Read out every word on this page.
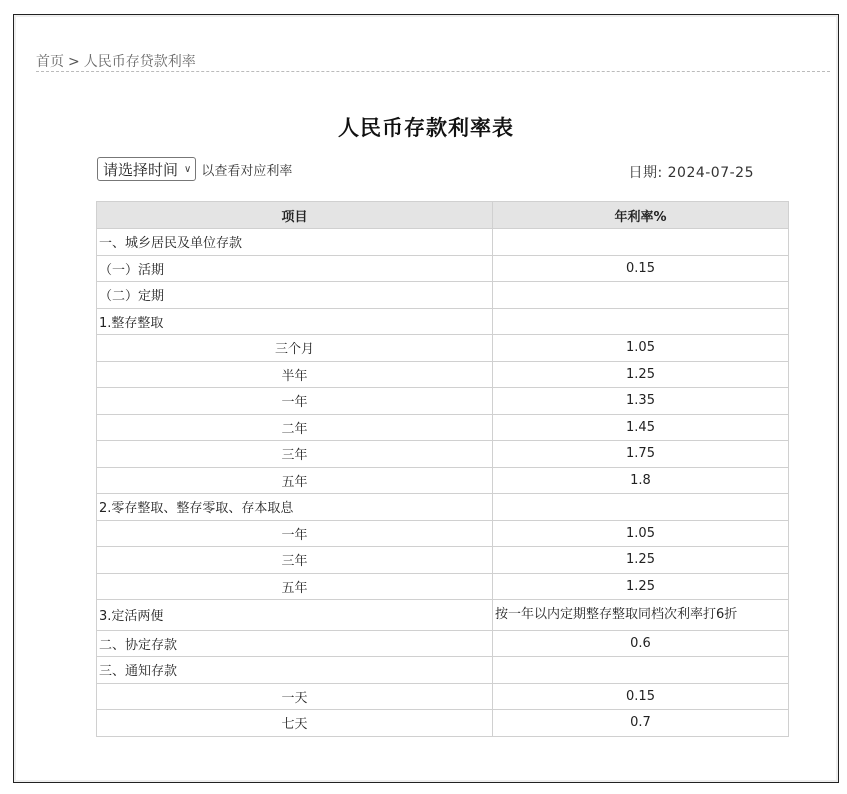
首页 > 人民币存贷款利率
人民币存款利率表
请选择时间 ∨ 以查看对应利率	日期: 2024-07-25
项目	年利率%
一、城乡居民及单位存款	
（一）活期	0.15
（二）定期	
1.整存整取	
三个月	1.05
半年	1.25
一年	1.35
二年	1.45
三年	1.75
五年	1.8
2.零存整取、整存零取、存本取息	
一年	1.05
三年	1.25
五年	1.25
3.定活两便	按一年以内定期整存整取同档次利率打6折
二、协定存款	0.6
三、通知存款	
一天	0.15
七天	0.7
